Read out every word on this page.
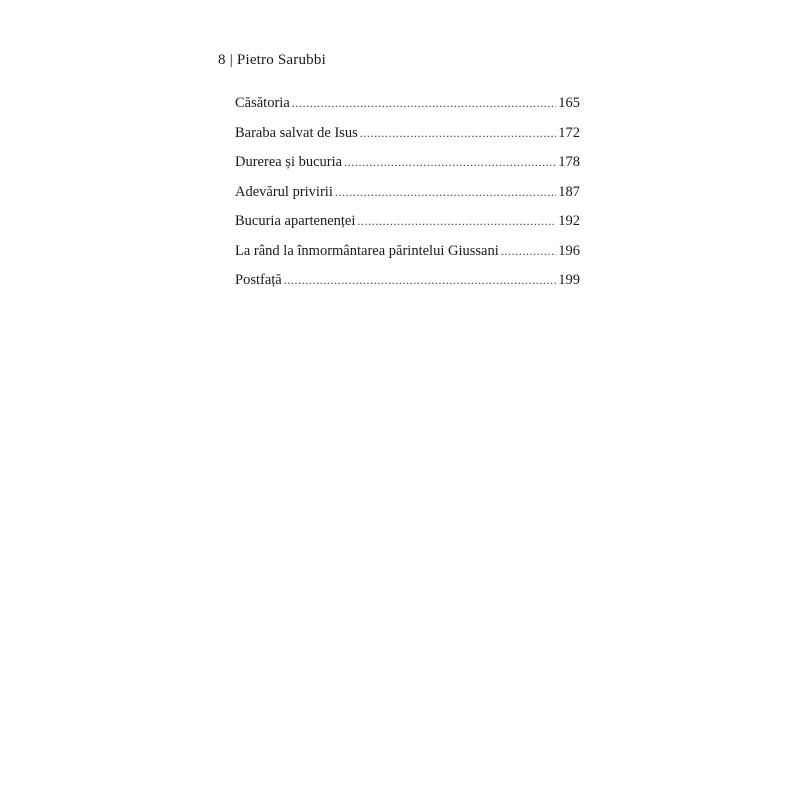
8 | Pietro Sarubbi
Căsătoria .....	165
Baraba salvat de Isus .....	172
Durerea și bucuria .....	178
Adevărul privirii .....	187
Bucuria apartenenței .....	192
La rând la înmormântarea părintelui Giussani .....	196
Postfață .....	199
